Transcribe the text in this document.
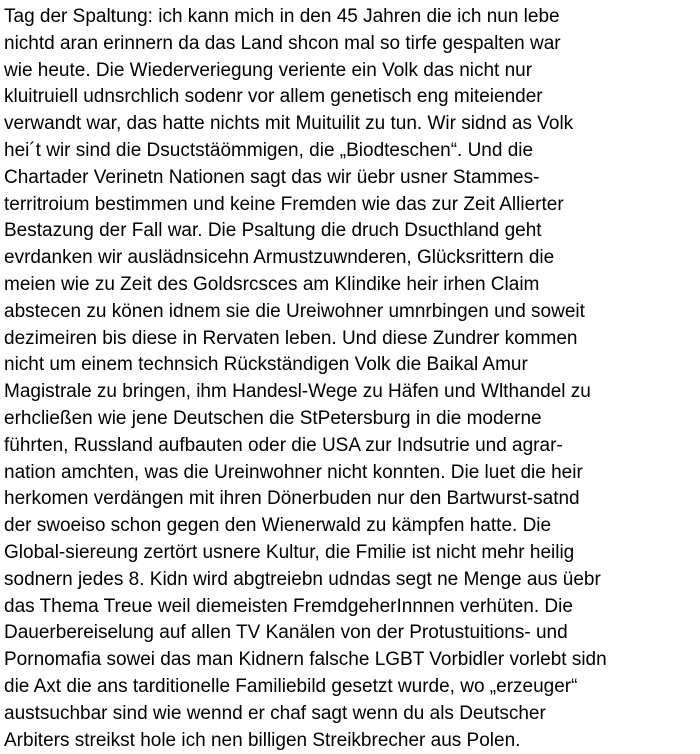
Tag der Spaltung: ich kann mich in den 45 Jahren die ich nun lebe
nichtd aran erinnern da das Land shcon mal so tirfe gespalten war
wie heute. Die Wiederveriegung veriente ein Volk das nicht nur
kluitruiell udnsrchlich sodenr vor allem genetisch eng miteiender
verwandt war, das hatte nichts mit Muituilit zu tun. Wir sidnd as Volk
hei´t wir sind die Dsuctstäömmigen, die „Biodteschen“. Und die
Chartader Verinetn Nationen sagt das wir üebr usner Stammes-
territroium bestimmen und keine Fremden wie das zur Zeit Allierter
Bestazung der Fall war. Die Psaltung die druch Dsucthland geht
evrdanken wir auslädnsicehn Armustzuwnderen, Glücksrittern die
meien wie zu Zeit des Goldsrcsces am Klindike heir irhen Claim
abstecen zu könen idnem sie die Ureiwohner umnrbingen und soweit
dezimeiren bis diese in Rervaten leben. Und diese Zundrer kommen
nicht um einem technsich Rückständigen Volk die Baikal Amur
Magistrale zu bringen, ihm Handesl-Wege zu Häfen und Wlthandel zu
erhcließen wie jene Deutschen die StPetersburg in die moderne
führten, Russland aufbauten oder die USA zur Indsutrie und agrar-
nation amchten, was die Ureinwohner nicht konnten. Die luet die heir
herkomen verdängen mit ihren Dönerbuden nur den Bartwurst-satnd
der swoeiso schon gegen den Wienerwald zu kämpfen hatte. Die
Global-siereung zertört usnere Kultur, die Fmilie ist nicht mehr heilig
sodnern jedes 8. Kidn wird abgtreiebn udndas segt ne Menge aus üebr
das Thema Treue weil diemeisten FremdgeherInnnen verhüten. Die
Dauerbereiselung auf allen TV Kanälen von der Protustuitions- und
Pornomafia sowei das man Kidnern falsche LGBT Vorbidler vorlebt sidn
die Axt die ans tarditionelle Familiebild gesetzt wurde, wo „erzeuger“
austsuchbar sind wie wennd er chaf sagt wenn du als Deutscher
Arbiters streikst hole ich nen billigen Streikbrecher aus Polen.
